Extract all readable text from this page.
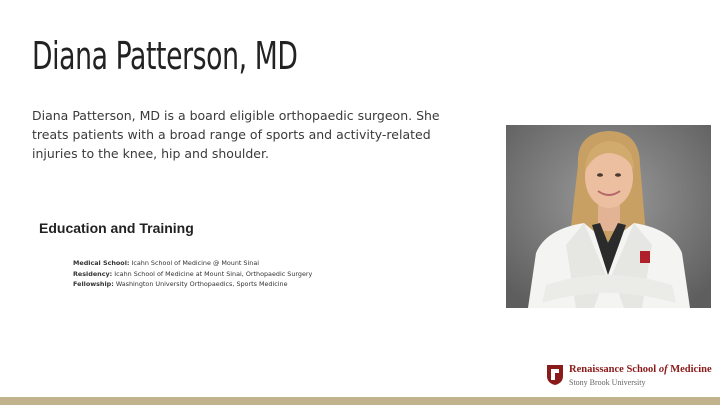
Diana Patterson, MD
Diana Patterson, MD is a board eligible orthopaedic surgeon. She treats patients with a broad range of sports and activity-related injuries to the knee, hip and shoulder.
Education and Training
Medical School: Icahn School of Medicine @ Mount Sinai
Residency: Icahn School of Medicine at Mount Sinai, Orthopaedic Surgery
Fellowship: Washington University Orthopaedics, Sports Medicine
Renaissance School of Medicine
Stony Brook University
